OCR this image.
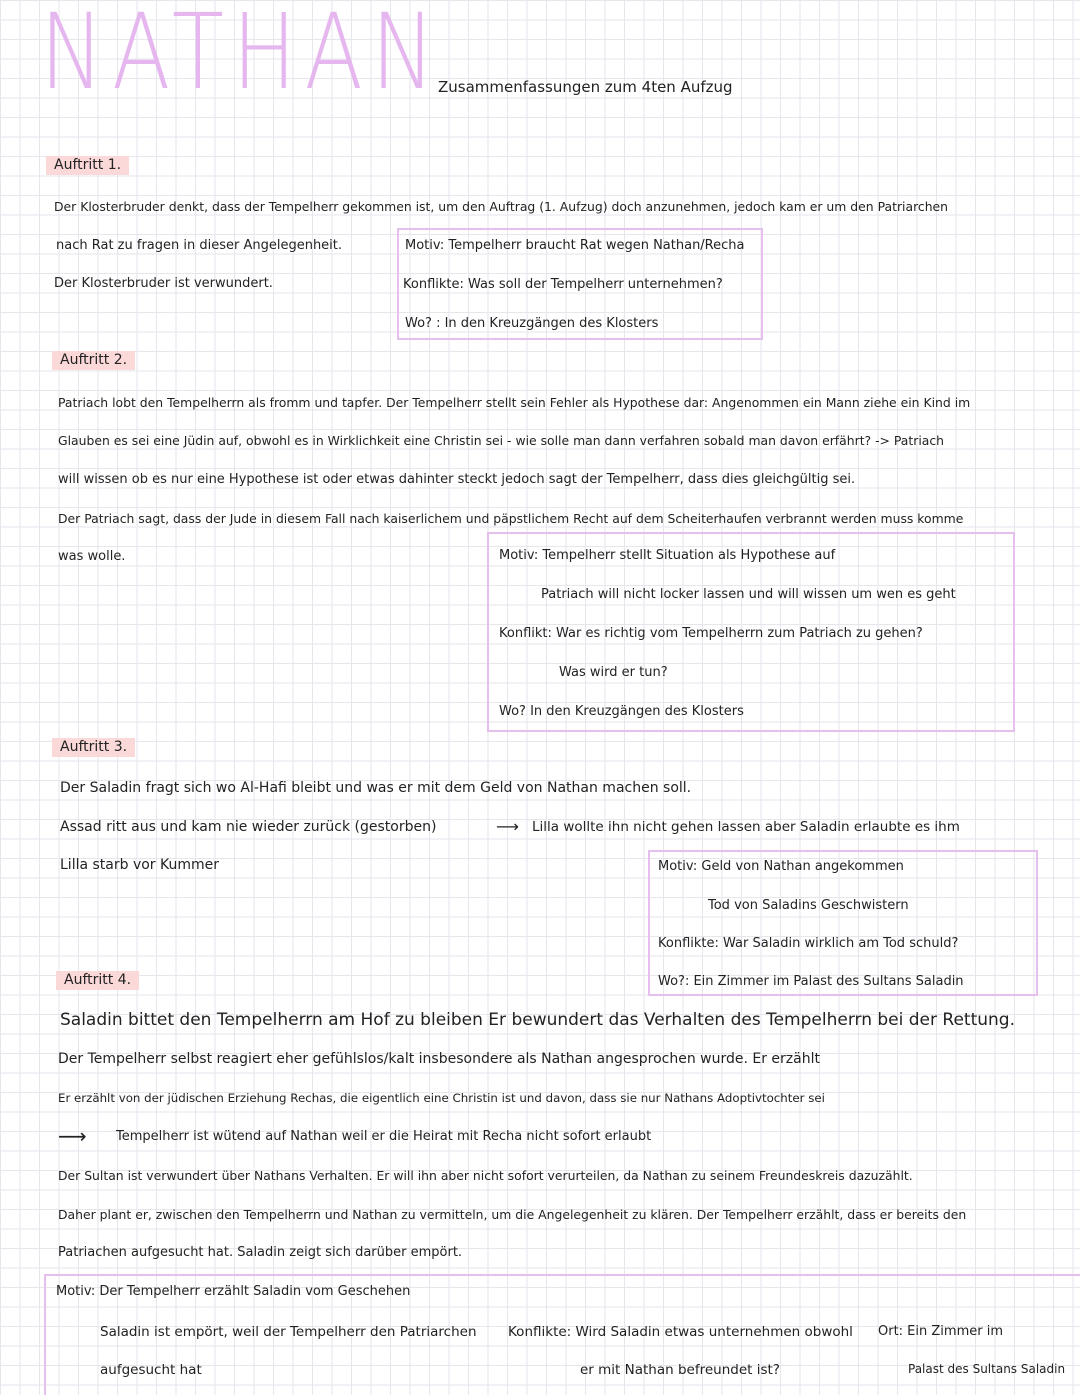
NATHAN
Zusammenfassungen zum 4ten Aufzug
Auftritt 1.
Der Klosterbruder denkt, dass der Tempelherr gekommen ist, um den Auftrag (1. Aufzug) doch anzunehmen, jedoch kam er um den Patriarchen
nach Rat zu fragen in dieser Angelegenheit.
Der Klosterbruder ist verwundert.
Motiv: Tempelherr braucht Rat wegen Nathan/Recha
Konflikte: Was soll der Tempelherr unternehmen?
Wo? : In den Kreuzgängen des Klosters
Auftritt 2.
Patriach lobt den Tempelherrn als fromm und tapfer. Der Tempelherr stellt sein Fehler als Hypothese dar: Angenommen ein Mann ziehe ein Kind im
Glauben es sei eine Jüdin auf, obwohl es in Wirklichkeit eine Christin sei - wie solle man dann verfahren sobald man davon erfährt? -> Patriach
will wissen ob es nur eine Hypothese ist oder etwas dahinter steckt jedoch sagt der Tempelherr, dass dies gleichgültig sei.
Der Patriach sagt, dass der Jude in diesem Fall nach kaiserlichem und päpstlichem Recht auf dem Scheiterhaufen verbrannt werden muss komme
was wolle.	Motiv: Tempelherr stellt Situation als Hypothese auf
Patriach will nicht locker lassen und will wissen um wen es geht
Konflikt: War es richtig vom Tempelherrn zum Patriach zu gehen?
Was wird er tun?
Wo? In den Kreuzgängen des Klosters
Auftritt 3.
Der Saladin fragt sich wo Al-Hafi bleibt und was er mit dem Geld von Nathan machen soll.
Assad ritt aus und kam nie wieder zurück (gestorben)	⟶ Lilla wollte ihn nicht gehen lassen aber Saladin erlaubte es ihm
Lilla starb vor Kummer	Motiv: Geld von Nathan angekommen
Tod von Saladins Geschwistern
Konflikte: War Saladin wirklich am Tod schuld?
Wo?: Ein Zimmer im Palast des Sultans Saladin
Auftritt 4.
Saladin bittet den Tempelherrn am Hof zu bleiben Er bewundert das Verhalten des Tempelherrn bei der Rettung.
Der Tempelherr selbst reagiert eher gefühlslos/kalt insbesondere als Nathan angesprochen wurde. Er erzählt
Er erzählt von der jüdischen Erziehung Rechas, die eigentlich eine Christin ist und davon, dass sie nur Nathans Adoptivtochter sei
⟶ Tempelherr ist wütend auf Nathan weil er die Heirat mit Recha nicht sofort erlaubt
Der Sultan ist verwundert über Nathans Verhalten. Er will ihn aber nicht sofort verurteilen, da Nathan zu seinem Freundeskreis dazuzählt.
Daher plant er, zwischen den Tempelherrn und Nathan zu vermitteln, um die Angelegenheit zu klären. Der Tempelherr erzählt, dass er bereits den
Patriachen aufgesucht hat. Saladin zeigt sich darüber empört.
Motiv: Der Tempelherr erzählt Saladin vom Geschehen
Saladin ist empört, weil der Tempelherr den Patriarchen
aufgesucht hat
Konflikte: Wird Saladin etwas unternehmen obwohl
er mit Nathan befreundet ist?
Ort: Ein Zimmer im
Palast des Sultans Saladin
